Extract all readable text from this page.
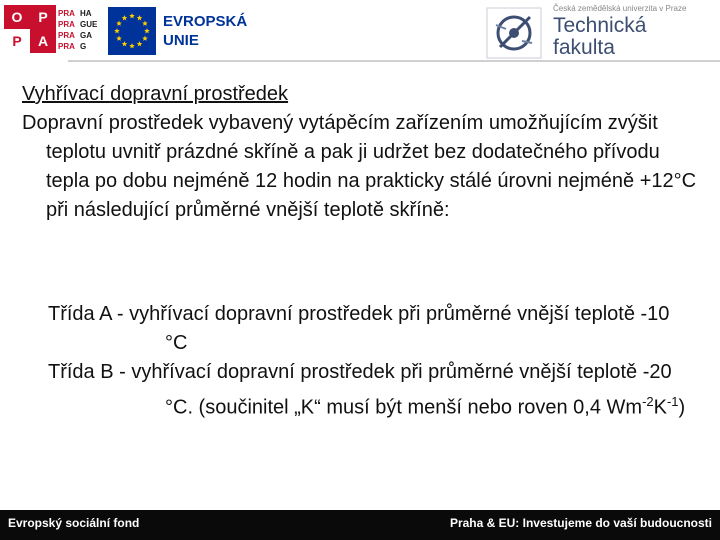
O	P
P	A
PRA
PRA
PRA
PRA
HA
GUE
GA
G
EVROPSKÁ
UNIE
Česká zemědělská univerzita v Praze
Technická
fakulta

Vyhřívací dopravní prostředek

Dopravní prostředek vybavený vytápěcím zařízením umožňujícím zvýšit teplotu uvnitř prázdné skříně a pak ji udržet bez dodatečného přívodu tepla po dobu nejméně 12 hodin na prakticky stálé úrovni nejméně +12°C při následující průměrné vnější teplotě skříně:

Třída A - vyhřívací dopravní prostředek při průměrné vnější teplotě -10 °C

Třída B - vyhřívací dopravní prostředek při průměrné vnější teplotě -20 °C. (součinitel „K“ musí být menší nebo roven 0,4 $Wm^{-2}K^{-1}$)

Evropský sociální fond	Praha & EU: Investujeme do vaší budoucnosti
